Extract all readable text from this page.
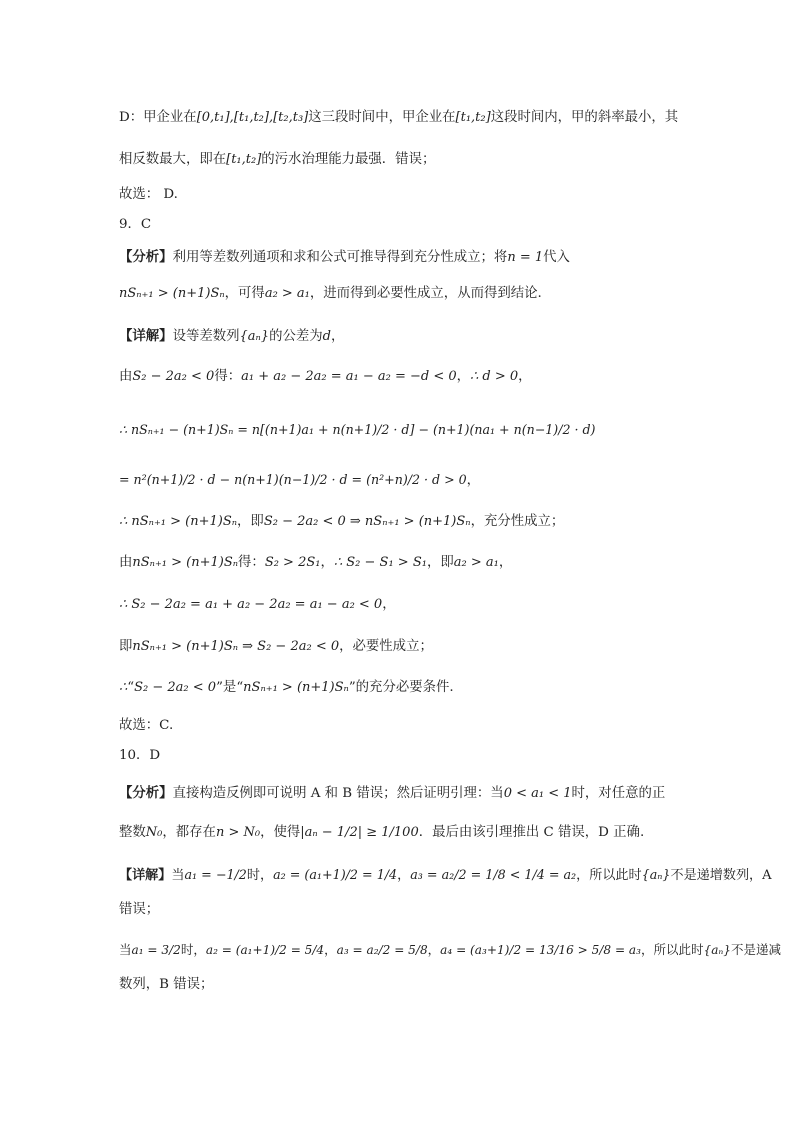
D：甲企业在[0,t₁],[t₁,t₂],[t₂,t₃]这三段时间中，甲企业在[t₁,t₂]这段时间内，甲的斜率最小，其
相反数最大，即在[t₁,t₂]的污水治理能力最强．错误；
故选： D.
9．C
【分析】利用等差数列通项和求和公式可推导得到充分性成立；将n = 1代入
nSₙ₊₁ > (n+1)Sₙ，可得a₂ > a₁，进而得到必要性成立，从而得到结论.
【详解】设等差数列{aₙ}的公差为d，
由S₂ − 2a₂ < 0得：a₁ + a₂ − 2a₂ = a₁ − a₂ = −d < 0，∴ d > 0，
∴ nSₙ₊₁ − (n+1)Sₙ = n[(n+1)a₁ + n(n+1)/2 · d] − (n+1)(na₁ + n(n−1)/2 · d)
= n²(n+1)/2 · d − n(n+1)(n−1)/2 · d = (n²+n)/2 · d > 0，
∴ nSₙ₊₁ > (n+1)Sₙ，即S₂ − 2a₂ < 0 ⇒ nSₙ₊₁ > (n+1)Sₙ，充分性成立；
由nSₙ₊₁ > (n+1)Sₙ得：S₂ > 2S₁，∴ S₂ − S₁ > S₁，即a₂ > a₁，
∴ S₂ − 2a₂ = a₁ + a₂ − 2a₂ = a₁ − a₂ < 0，
即nSₙ₊₁ > (n+1)Sₙ ⇒ S₂ − 2a₂ < 0，必要性成立；
∴“S₂ − 2a₂ < 0”是“nSₙ₊₁ > (n+1)Sₙ”的充分必要条件.
故选：C.
10．D
【分析】直接构造反例即可说明 A 和 B 错误；然后证明引理：当0 < a₁ < 1时，对任意的正
整数N₀，都存在n > N₀，使得|aₙ − 1/2| ≥ 1/100．最后由该引理推出 C 错误，D 正确.
【详解】当a₁ = −1/2时，a₂ = (a₁+1)/2 = 1/4，a₃ = a₂/2 = 1/8 < 1/4 = a₂，所以此时{aₙ}不是递增数列，A
错误；
当a₁ = 3/2时，a₂ = (a₁+1)/2 = 5/4，a₃ = a₂/2 = 5/8，a₄ = (a₃+1)/2 = 13/16 > 5/8 = a₃，所以此时{aₙ}不是递减
数列，B 错误；
